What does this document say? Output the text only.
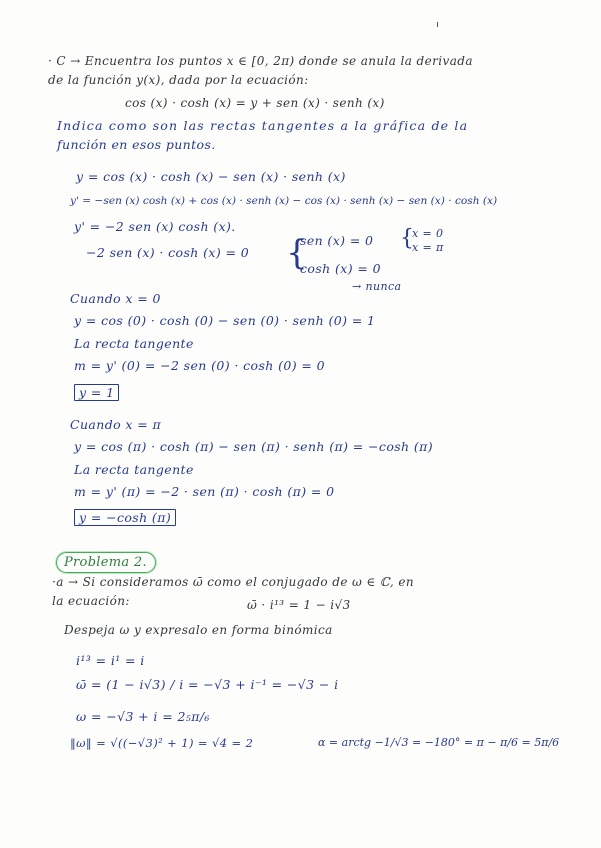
· C → Encuentra los puntos x ∈ [0, 2π) donde se anula la derivada
de la función y(x), dada por la ecuación:
cos (x) · cosh (x) = y + sen (x) · senh (x)
Indica como son las rectas tangentes a la gráfica de la
función en esos puntos.
y = cos (x) · cosh (x) − sen (x) · senh (x)
y' = −sen (x) cosh (x) + cos (x) · senh (x) − cos (x) · senh (x) − sen (x) · cosh (x)
y' = −2 sen (x) cosh (x).
−2 sen (x) · cosh (x) = 0 {
sen (x) = 0
cosh (x) = 0
{
x = 0
x = π
→ nunca
Cuando x = 0
y = cos (0) · cosh (0) − sen (0) · senh (0) = 1
La recta tangente
m = y' (0) = −2 sen (0) · cosh (0) = 0
y = 1
Cuando x = π
y = cos (π) · cosh (π) − sen (π) · senh (π) = −cosh (π)
La recta tangente
m = y' (π) = −2 · sen (π) · cosh (π) = 0
y = −cosh (π)
Problema 2.
·a → Si consideramos ω̄ como el conjugado de ω ∈ ℂ, en
la ecuación:	ω̄ · i¹³ = 1 − i√3
Despeja ω y expresalo en forma binómica
i¹³ = i¹ = i
ω̄ = (1 − i√3) / i = −√3 + i⁻¹ = −√3 − i
ω = −√3 + i = 2₅π/₆
‖ω‖ = √((−√3)² + 1) = √4 = 2	α = arctg −1/√3 = −180° = π − π/6 = 5π/6
